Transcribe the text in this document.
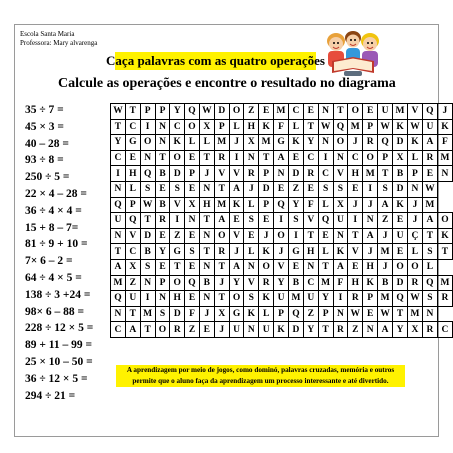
Escola Santa Maria
Professora: Mary alvarenga
Caça palavras com as quatro operações
Calcule as operações e encontre o resultado no diagrama
35 ÷ 7 =
45 × 3 =
40 – 28 =
93 ÷ 8 =
250 ÷ 5 =
22 × 4 – 28 =
36 ÷ 4 × 4 =
15 + 8 – 7=
81 ÷ 9 + 10 =
7× 6 – 2 =
64 ÷ 4 × 5 =
138 ÷ 3 +24 =
98× 6 – 88 =
228 ÷ 12 × 5 =
89 + 11 – 99 =
25 × 10 – 50 =
36 ÷ 12 × 5 =
294 ÷ 21 =
W	T	P	P	Y	Q	W	D	O	Z	E	M	C	E	N	T	O	E	U	M	V	Q	J
T	C	I	N	C	O	X	P	L	H	K	F	L	T	W	Q	M	P	W	K	W	U	K
Y	G	O	N	K	L	L	M	J	X	M	G	K	Y	N	O	J	R	Q	D	K	A	F
C	E	N	T	O	E	T	R	I	N	T	A	E	C	I	N	C	O	P	X	L	R	M
I	H	Q	B	D	P	J	V	V	R	P	N	D	R	C	V	H	M	T	B	P	E	N
N	L	S	E	S	E	N	T	A	J	D	E	Z	E	S	S	E	I	S	D	N	W	
Q	P	W	B	V	X	H	M	K	L	P	Q	Y	F	L	X	J	J	A	K	J	M	
U	Q	T	R	I	N	T	A	E	S	E	I	S	V	Q	U	I	N	Z	E	J	A	O
N	V	D	E	Z	E	N	O	V	E	J	O	I	T	E	N	T	A	J	U	Ç	T	K
T	C	B	Y	G	S	T	R	J	L	K	J	G	H	L	K	V	J	M	E	L	S	T
A	X	S	E	T	E	N	T	A	N	O	V	E	N	T	A	E	H	J	O	O	L	
M	Z	N	P	O	Q	B	J	Y	V	R	Y	B	C	M	F	H	K	B	D	R	Q	M
Q	U	I	N	H	E	N	T	O	S	K	U	M	U	Y	I	R	P	M	Q	W	S	R
N	T	M	S	D	F	J	X	G	K	L	P	Q	Z	P	N	W	E	W	T	M	N	
C	A	T	O	R	Z	E	J	U	N	U	K	D	Y	T	R	Z	N	A	Y	X	R	C
A aprendizagem por meio de jogos, como dominó, palavras cruzadas, memória e outros permite que o aluno faça da aprendizagem um processo interessante e até divertido.
